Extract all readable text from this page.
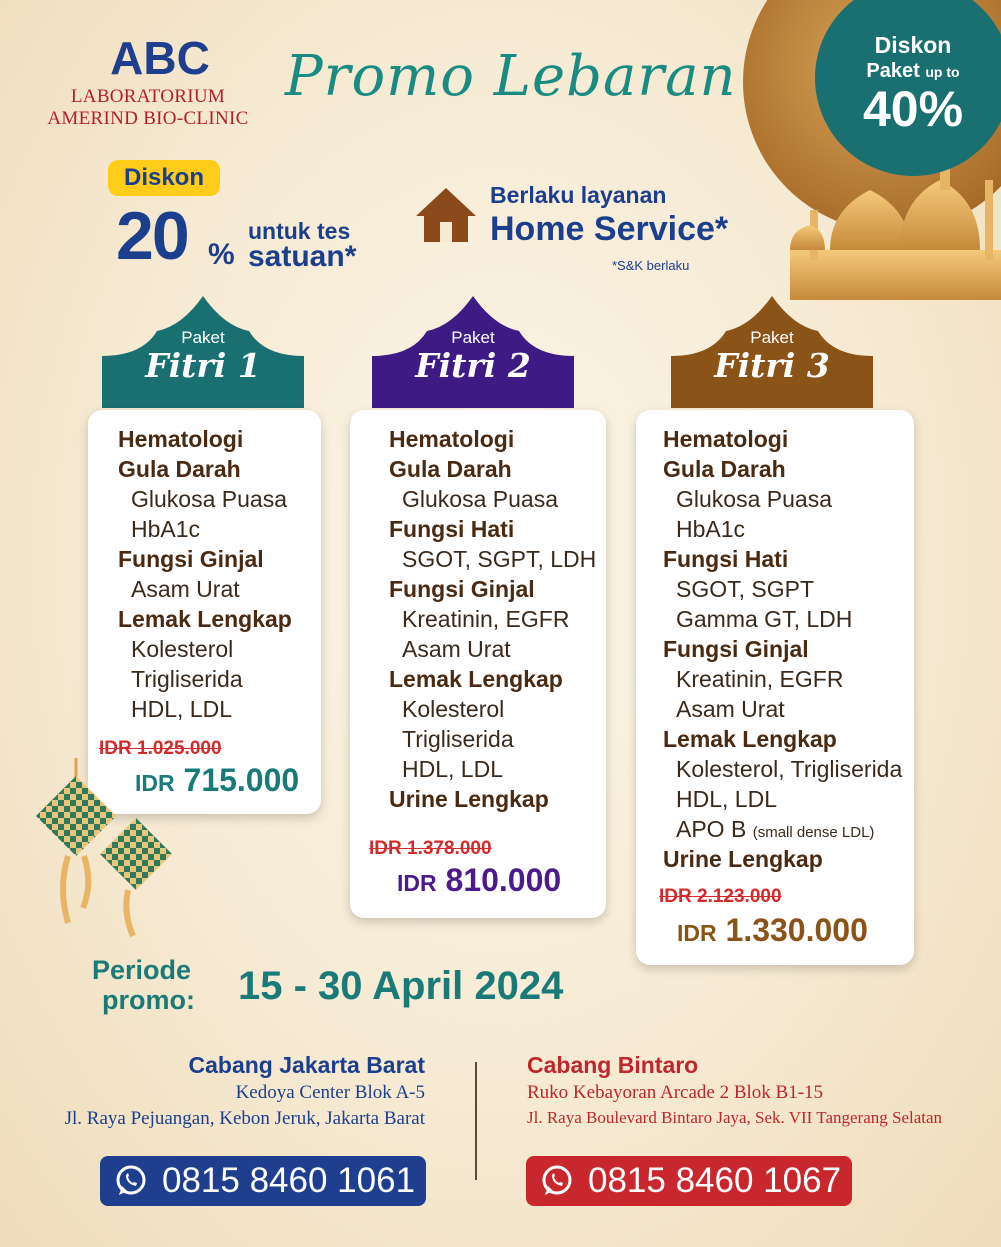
Diskon
Paket up to
40%
ABC
LABORATORIUM
AMERIND BIO-CLINIC
Promo Lebaran
Diskon
20 %
untuk tes
satuan*
Berlaku layanan
Home Service*
*S&K berlaku
Paket
Fitri 1
Paket
Fitri 2
Paket
Fitri 3
Hematologi
Gula Darah
Glukosa Puasa
HbA1c
Fungsi Ginjal
Asam Urat
Lemak Lengkap
Kolesterol
Trigliserida
HDL, LDL
Hematologi
Gula Darah
Glukosa Puasa
Fungsi Hati
SGOT, SGPT, LDH
Fungsi Ginjal
Kreatinin, EGFR
Asam Urat
Lemak Lengkap
Kolesterol
Trigliserida
HDL, LDL
Urine Lengkap
Hematologi
Gula Darah
Glukosa Puasa
HbA1c
Fungsi Hati
SGOT, SGPT
Gamma GT, LDH
Fungsi Ginjal
Kreatinin, EGFR
Asam Urat
Lemak Lengkap
Kolesterol, Trigliserida
HDL, LDL
APO B (small dense LDL)
Urine Lengkap
IDR 1.025.000
IDR 715.000
IDR 1.378.000
IDR 810.000	IDR 2.123.000
IDR 1.330.000
Periode
promo: 15 - 30 April 2024
Cabang Jakarta Barat
Kedoya Center Blok A-5
Jl. Raya Pejuangan, Kebon Jeruk, Jakarta Barat
Cabang Bintaro
Ruko Kebayoran Arcade 2 Blok B1-15
Jl. Raya Boulevard Bintaro Jaya, Sek. VII Tangerang Selatan
0815 8460 1061	0815 8460 1067
